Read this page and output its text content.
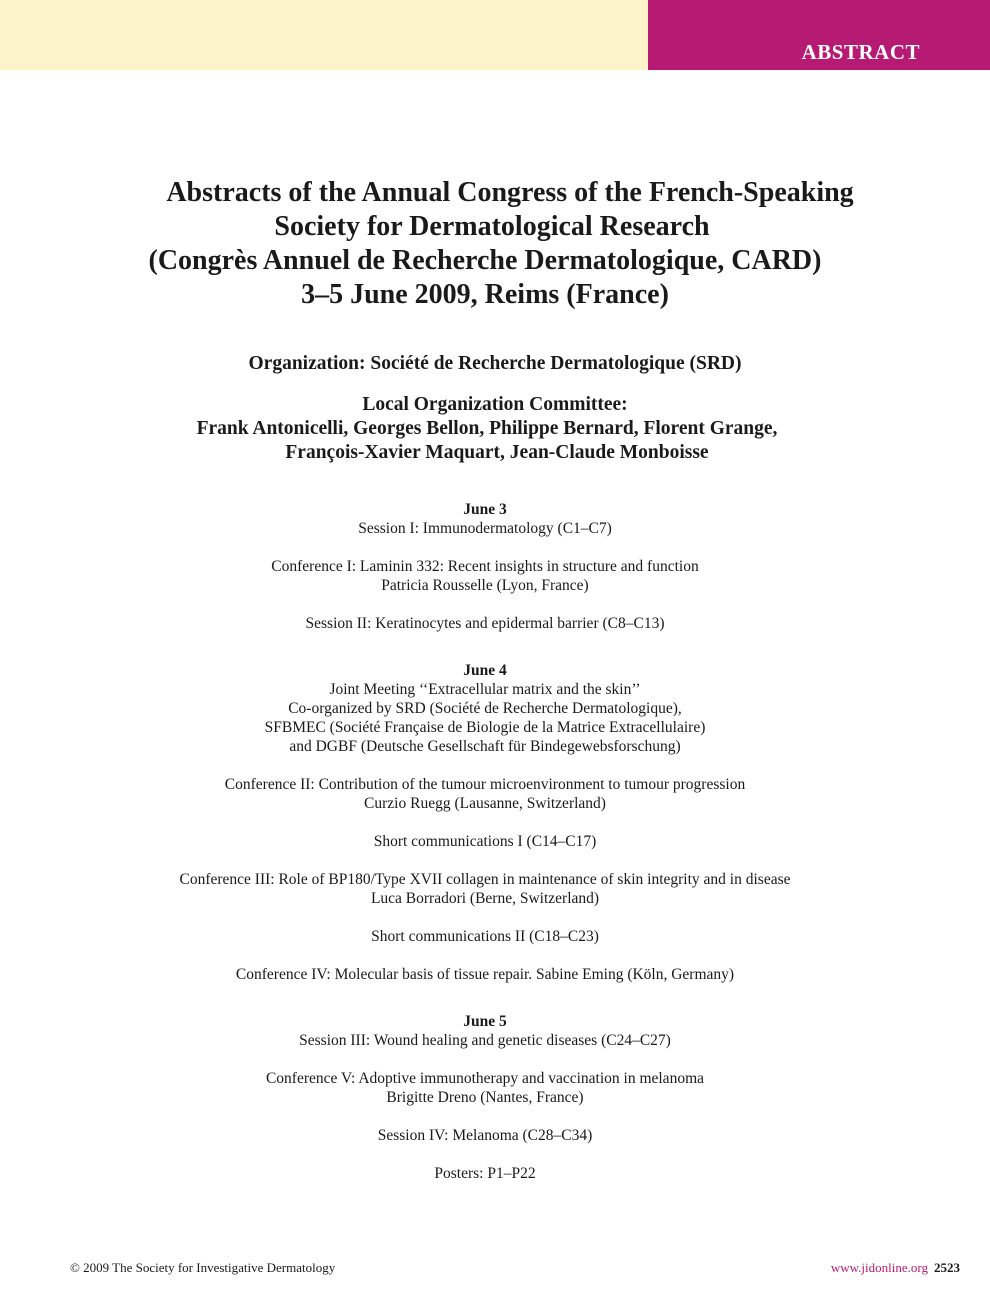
ABSTRACT
Abstracts of the Annual Congress of the French-Speaking
Society for Dermatological Research
(Congrès Annuel de Recherche Dermatologique, CARD)
3–5 June 2009, Reims (France)
Organization: Société de Recherche Dermatologique (SRD)
Local Organization Committee:
Frank Antonicelli, Georges Bellon, Philippe Bernard, Florent Grange,
François-Xavier Maquart, Jean-Claude Monboisse
June 3
Session I: Immunodermatology (C1–C7)
Conference I: Laminin 332: Recent insights in structure and function
Patricia Rousselle (Lyon, France)
Session II: Keratinocytes and epidermal barrier (C8–C13)
June 4
Joint Meeting ‘‘Extracellular matrix and the skin’’
Co-organized by SRD (Société de Recherche Dermatologique),
SFBMEC (Société Française de Biologie de la Matrice Extracellulaire)
and DGBF (Deutsche Gesellschaft für Bindegewebsforschung)
Conference II: Contribution of the tumour microenvironment to tumour progression
Curzio Ruegg (Lausanne, Switzerland)
Short communications I (C14–C17)
Conference III: Role of BP180/Type XVII collagen in maintenance of skin integrity and in disease
Luca Borradori (Berne, Switzerland)
Short communications II (C18–C23)
Conference IV: Molecular basis of tissue repair. Sabine Eming (Köln, Germany)
June 5
Session III: Wound healing and genetic diseases (C24–C27)
Conference V: Adoptive immunotherapy and vaccination in melanoma
Brigitte Dreno (Nantes, France)
Session IV: Melanoma (C28–C34)
Posters: P1–P22
© 2009 The Society for Investigative Dermatology	www.jidonline.org 2523
